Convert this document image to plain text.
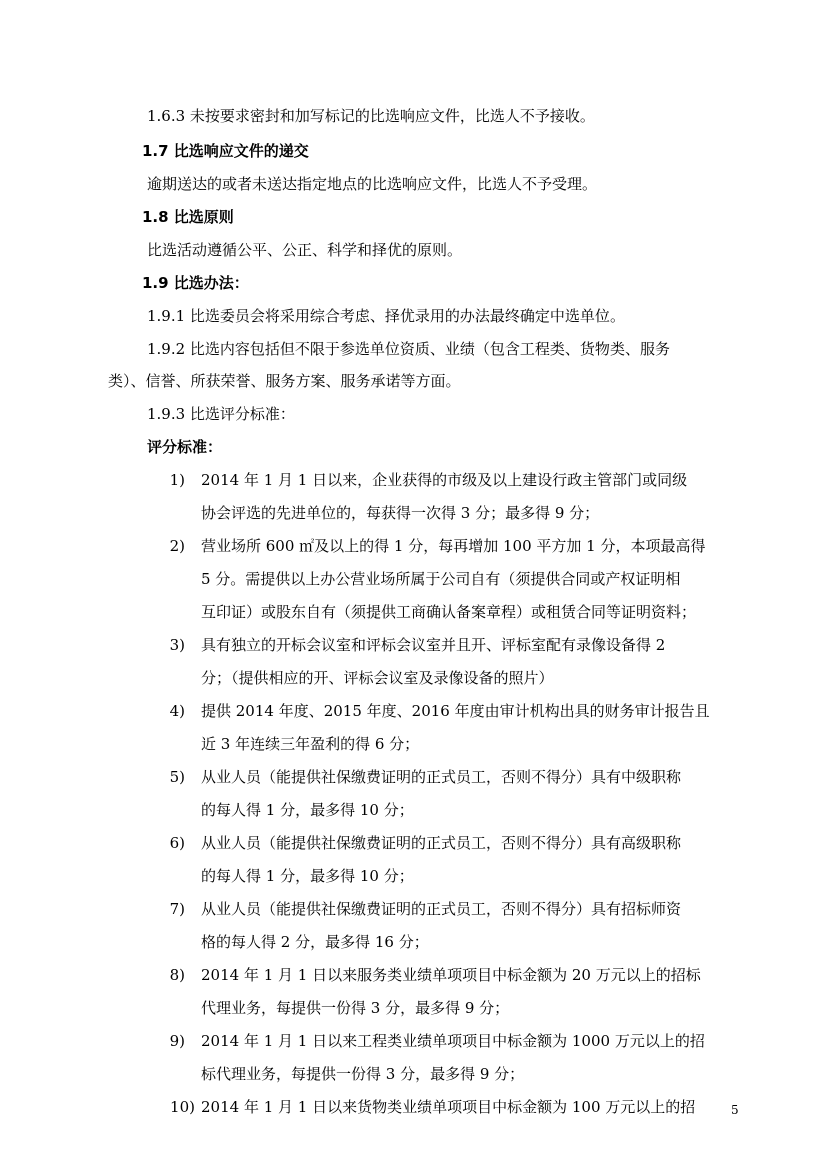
1.6.3 未按要求密封和加写标记的比选响应文件，比选人不予接收。
1.7 比选响应文件的递交
逾期送达的或者未送达指定地点的比选响应文件，比选人不予受理。
1.8 比选原则
比选活动遵循公平、公正、科学和择优的原则。
1.9 比选办法：
1.9.1 比选委员会将采用综合考虑、择优录用的办法最终确定中选单位。
1.9.2 比选内容包括但不限于参选单位资质、业绩（包含工程类、货物类、服务
类）、信誉、所获荣誉、服务方案、服务承诺等方面。
1.9.3 比选评分标准：
评分标准：
1) 2014 年 1 月 1 日以来，企业获得的市级及以上建设行政主管部门或同级
协会评选的先进单位的，每获得一次得 3 分；最多得 9 分；
2) 营业场所 600 ㎡及以上的得 1 分，每再增加 100 平方加 1 分，本项最高得
5 分。需提供以上办公营业场所属于公司自有（须提供合同或产权证明相
互印证）或股东自有（须提供工商确认备案章程）或租赁合同等证明资料；
3) 具有独立的开标会议室和评标会议室并且开、评标室配有录像设备得 2
分；（提供相应的开、评标会议室及录像设备的照片）
4) 提供 2014 年度、2015 年度、2016 年度由审计机构出具的财务审计报告且
近 3 年连续三年盈利的得 6 分；
5) 从业人员（能提供社保缴费证明的正式员工，否则不得分）具有中级职称
的每人得 1 分，最多得 10 分；
6) 从业人员（能提供社保缴费证明的正式员工，否则不得分）具有高级职称
的每人得 1 分，最多得 10 分；
7) 从业人员（能提供社保缴费证明的正式员工，否则不得分）具有招标师资
格的每人得 2 分，最多得 16 分；
8) 2014 年 1 月 1 日以来服务类业绩单项项目中标金额为 20 万元以上的招标
代理业务，每提供一份得 3 分，最多得 9 分；
9) 2014 年 1 月 1 日以来工程类业绩单项项目中标金额为 1000 万元以上的招
标代理业务，每提供一份得 3 分，最多得 9 分；
10) 2014 年 1 月 1 日以来货物类业绩单项项目中标金额为 100 万元以上的招	5
